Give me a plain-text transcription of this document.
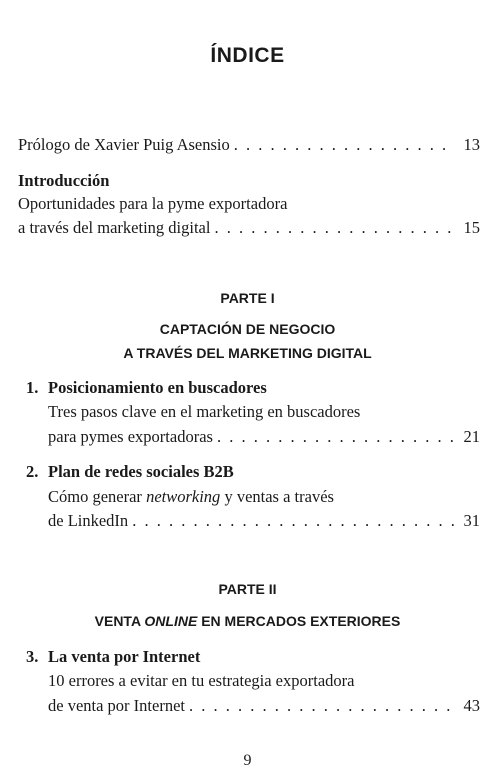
ÍNDICE
Prólogo de Xavier Puig Asensio . . .	13
Introducción
Oportunidades para la pyme exportadora
a través del marketing digital . . .	15
PARTE I
CAPTACIÓN DE NEGOCIO
A TRAVÉS DEL MARKETING DIGITAL
1. Posicionamiento en buscadores
Tres pasos clave en el marketing en buscadores
para pymes exportadoras . . .	21
2. Plan de redes sociales B2B
Cómo generar networking y ventas a través
de LinkedIn . . .	31
PARTE II
VENTA ONLINE EN MERCADOS EXTERIORES
3. La venta por Internet
10 errores a evitar en tu estrategia exportadora
de venta por Internet . . .	43
9
